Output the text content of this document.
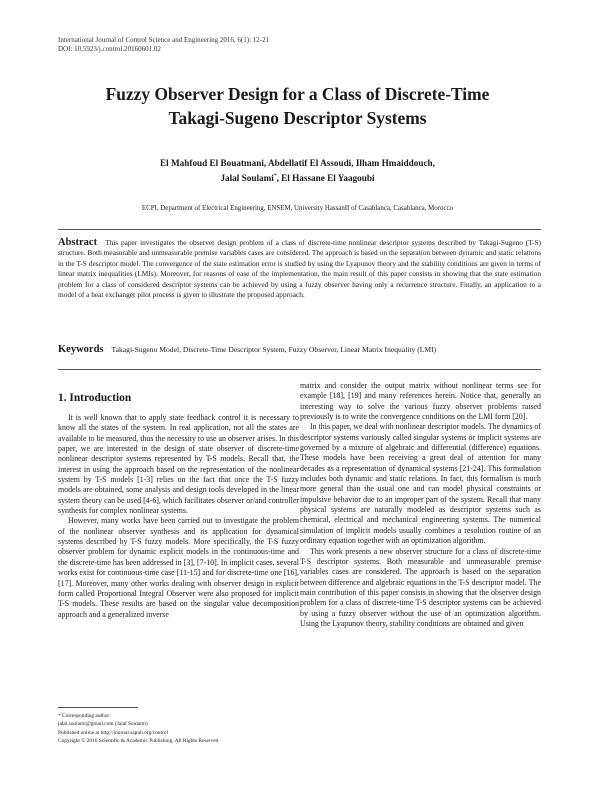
International Journal of Control Science and Engineering 2016, 6(1): 12-21
DOI: 10.5923/j.control.20160601.02
Fuzzy Observer Design for a Class of Discrete-Time
Takagi-Sugeno Descriptor Systems
El Mahfoud El Bouatmani, Abdellatif El Assoudi, Ilham Hmaiddouch,
Jalal Soulami*, El Hassane El Yaagoubi
ECPI, Department of Electrical Engineering, ENSEM, University HassanII of Casablanca, Casablanca, Morocco
Abstract This paper investigates the observer design problem of a class of discrete-time nonlinear descriptor systems described by Takagi-Sugeno (T-S) structure. Both measurable and unmeasurable premise variables cases are considered. The approach is based on the separation between dynamic and static relations in the T-S descriptor model. The convergence of the state estimation error is studied by using the Lyapunov theory and the stability conditions are given in terms of linear matrix inequalities (LMIs). Moreover, for reasons of ease of the implementation, the main result of this paper consists in showing that the state estimation problem for a class of considered descriptor systems can be achieved by using a fuzzy observer having only a recurrence structure. Finally, an application to a model of a heat exchanger pilot process is given to illustrate the proposed approach.
Keywords Takagi-Sugeno Model, Discrete-Time Descriptor System, Fuzzy Observer, Linear Matrix Inequality (LMI)
1. Introduction

It is well known that to apply state feedback control it is necessary to know all the states of the system. In real application, not all the states are available to be measured, thus the necessity to use an observer arises. In this paper, we are interested in the design of state observer of discrete-time nonlinear descriptor systems represented by T-S models. Recall that, the interest in using the approach based on the representation of the nonlinear system by T-S models [1-3] relies on the fact that once the T-S fuzzy models are obtained, some analysis and design tools developed in the linear system theory can be used [4-6], which facilitates observer or/and controller synthesis for complex nonlinear systems.

However, many works have been carried out to investigate the problem of the nonlinear observer synthesis and its application for dynamical systems described by T-S fuzzy models. More specifically, the T-S fuzzy observer problem for dynamic explicit models in the continuous-time and the discrete-time has been addressed in [3], [7-10]. In implicit cases, several works exist for continuous-time case [11-15] and for discrete-time one [16], [17]. Moreover, many other works dealing with observer design in explicit form called Proportional Integral Observer were also proposed for implicit T-S models. These results are based on the singular value decomposition approach and a generalized inverse

matrix and consider the output matrix without nonlinear terms see for example [18], [19] and many references herein. Notice that, generally an interesting way to solve the various fuzzy observer problems raised previously is to write the convergence conditions on the LMI form [20].

In this paper, we deal with nonlinear descriptor models. The dynamics of descriptor systems variously called singular systems or implicit systems are governed by a mixture of algebraic and differential (difference) equations. These models have been receiving a great deal of attention for many decades as a representation of dynamical systems [21-24]. This formulation includes both dynamic and static relations. In fact, this formalism is much more general than the usual one and can model physical constraints or impulsive behavior due to an improper part of the system. Recall that many physical systems are naturally modeled as descriptor systems such as chemical, electrical and mechanical engineering systems. The numerical simulation of implicit models usually combines a resolution routine of an ordinary equation together with an optimization algorithm.

This work presents a new observer structure for a class of discrete-time T-S descriptor systems. Both measurable and unmeasurable premise variables cases are considered. The approach is based on the separation between difference and algebraic equations in the T-S descriptor model. The main contribution of this paper consists in showing that the observer design problem for a class of discrete-time T-S descriptor systems can be achieved by using a fuzzy observer without the use of an optimization algorithm. Using the Lyapunov theory, stability conditions are obtained and given

* Corresponding author:
jalal.soulami@gmail.com (Jalal Soulami)
Published online at http://journal.sapub.org/control
Copyright © 2016 Scientific & Academic Publishing. All Rights Reserved
